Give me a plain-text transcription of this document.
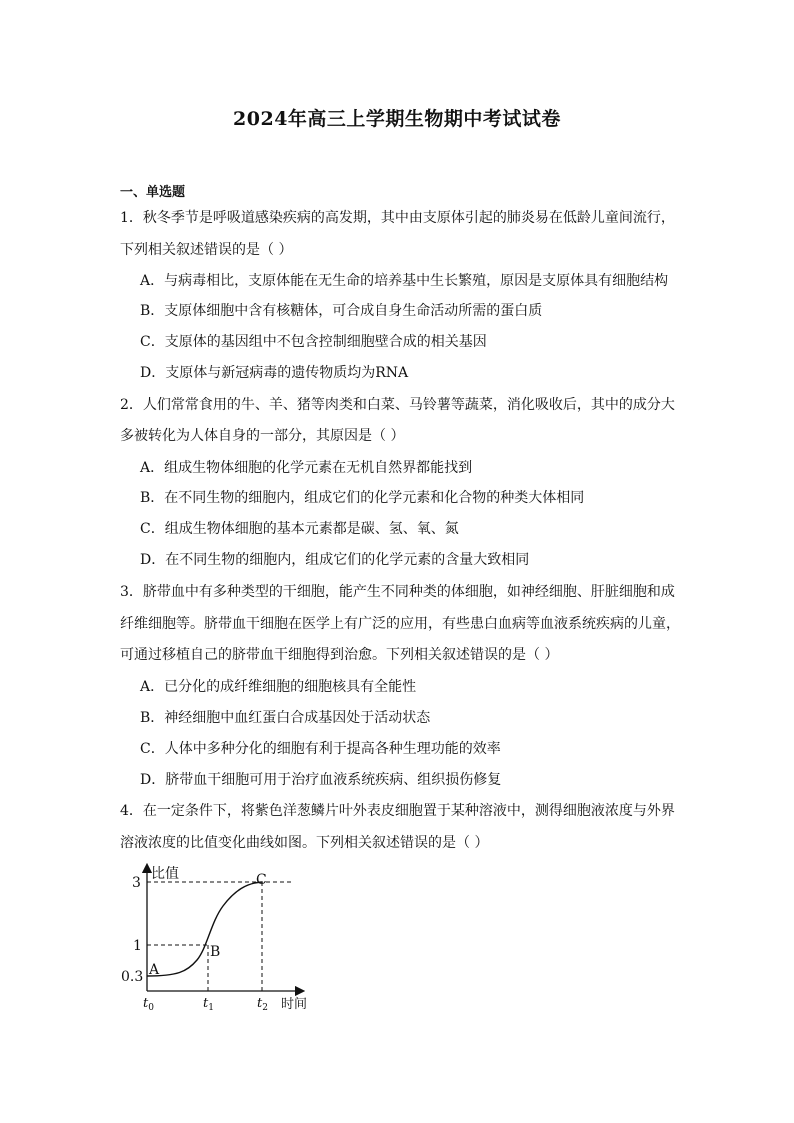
2024年高三上学期生物期中考试试卷
一、单选题
1．秋冬季节是呼吸道感染疾病的高发期，其中由支原体引起的肺炎易在低龄儿童间流行，
下列相关叙述错误的是（ ）
A．与病毒相比，支原体能在无生命的培养基中生长繁殖，原因是支原体具有细胞结构
B．支原体细胞中含有核糖体，可合成自身生命活动所需的蛋白质
C．支原体的基因组中不包含控制细胞壁合成的相关基因
D．支原体与新冠病毒的遗传物质均为RNA
2．人们常常食用的牛、羊、猪等肉类和白菜、马铃薯等蔬菜，消化吸收后，其中的成分大
多被转化为人体自身的一部分，其原因是（ ）
A．组成生物体细胞的化学元素在无机自然界都能找到
B．在不同生物的细胞内，组成它们的化学元素和化合物的种类大体相同
C．组成生物体细胞的基本元素都是碳、氢、氧、氮
D．在不同生物的细胞内，组成它们的化学元素的含量大致相同
3．脐带血中有多种类型的干细胞，能产生不同种类的体细胞，如神经细胞、肝脏细胞和成
纤维细胞等。脐带血干细胞在医学上有广泛的应用，有些患白血病等血液系统疾病的儿童，
可通过移植自己的脐带血干细胞得到治愈。下列相关叙述错误的是（ ）
A．已分化的成纤维细胞的细胞核具有全能性
B．神经细胞中血红蛋白合成基因处于活动状态
C．人体中多种分化的细胞有利于提高各种生理功能的效率
D．脐带血干细胞可用于治疗血液系统疾病、组织损伤修复
4．在一定条件下，将紫色洋葱鳞片叶外表皮细胞置于某种溶液中，测得细胞液浓度与外界
溶液浓度的比值变化曲线如图。下列相关叙述错误的是（ ）
比值
时间
3
1
0.3 A
B
C
$t_0$	$t_1$	$t_2$
